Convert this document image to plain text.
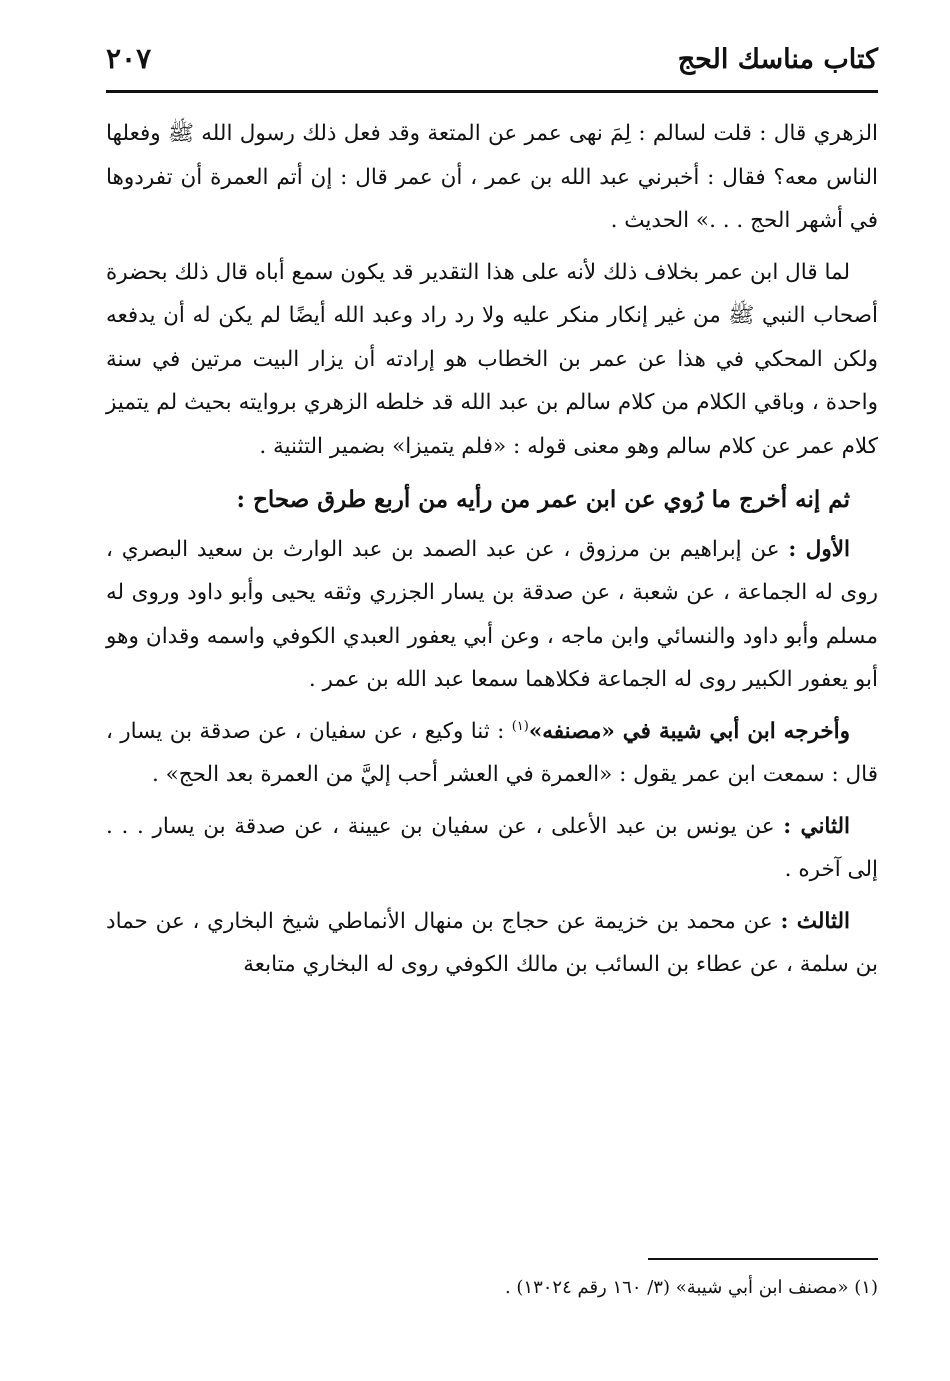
كتاب مناسك الحج
٢٠٧

الزهري قال : قلت لسالم : لِمَ نهى عمر عن المتعة وقد فعل ذلك رسول الله ﷺ وفعلها الناس معه؟ فقال : أخبرني عبد الله بن عمر ، أن عمر قال : إن أتم العمرة أن تفردوها في أشهر الحج . . .» الحديث .

لما قال ابن عمر بخلاف ذلك لأنه على هذا التقدير قد يكون سمع أباه قال ذلك بحضرة أصحاب النبي ﷺ من غير إنكار منكر عليه ولا رد راد وعبد الله أيضًا لم يكن له أن يدفعه ولكن المحكي في هذا عن عمر بن الخطاب هو إرادته أن يزار البيت مرتين في سنة واحدة ، وباقي الكلام من كلام سالم بن عبد الله قد خلطه الزهري بروايته بحيث لم يتميز كلام عمر عن كلام سالم وهو معنى قوله : «فلم يتميزا» بضمير التثنية .

ثم إنه أخرج ما رُوي عن ابن عمر من رأيه من أربع طرق صحاح :

الأول : عن إبراهيم بن مرزوق ، عن عبد الصمد بن عبد الوارث بن سعيد البصري ، روى له الجماعة ، عن شعبة ، عن صدقة بن يسار الجزري وثقه يحيى وأبو داود وروى له مسلم وأبو داود والنسائي وابن ماجه ، وعن أبي يعفور العبدي الكوفي واسمه وقدان وهو أبو يعفور الكبير روى له الجماعة فكلاهما سمعا عبد الله بن عمر .

وأخرجه ابن أبي شيبة في «مصنفه»$^{(١)}$ : ثنا وكيع ، عن سفيان ، عن صدقة بن يسار ، قال : سمعت ابن عمر يقول : «العمرة في العشر أحب إليَّ من العمرة بعد الحج» .

الثاني : عن يونس بن عبد الأعلى ، عن سفيان بن عيينة ، عن صدقة بن يسار . . . إلى آخره .

الثالث : عن محمد بن خزيمة عن حجاج بن منهال الأنماطي شيخ البخاري ، عن حماد بن سلمة ، عن عطاء بن السائب بن مالك الكوفي روى له البخاري متابعة

(١) «مصنف ابن أبي شيبة» (٣/ ١٦٠ رقم ١٣٠٢٤) .
